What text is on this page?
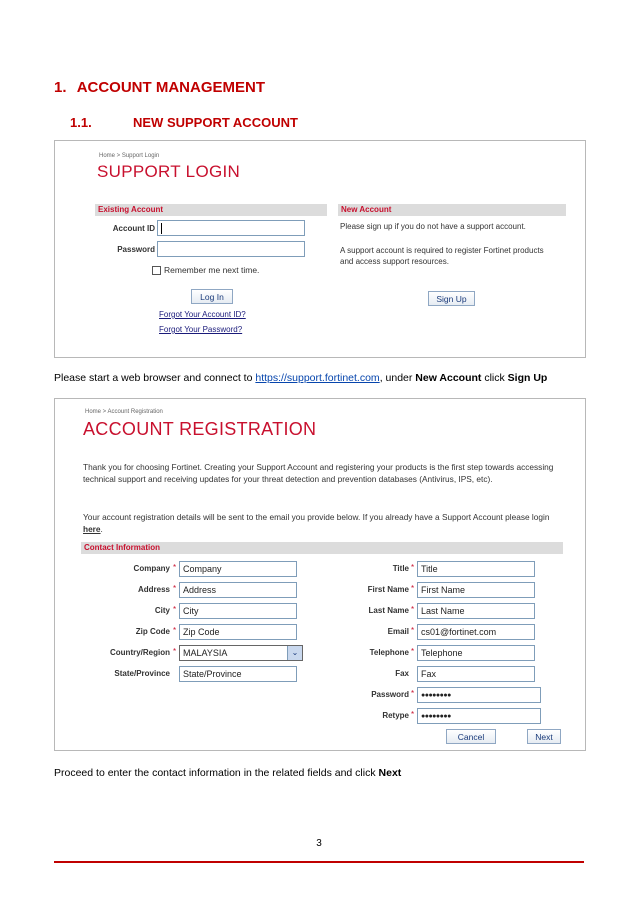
1. ACCOUNT MANAGEMENT
1.1.	NEW SUPPORT ACCOUNT
Home > Support Login
SUPPORT LOGIN
Existing Account
Account ID
Password
Remember me next time.
Log In
Forgot Your Account ID?
Forgot Your Password?
New Account
Please sign up if you do not have a support account.
A support account is required to register Fortinet products and access support resources.
Sign Up
Please start a web browser and connect to https://support.fortinet.com, under New Account click Sign Up
Home > Account Registration
ACCOUNT REGISTRATION
Thank you for choosing Fortinet. Creating your Support Account and registering your products is the first step towards accessing technical support and receiving updates for your threat detection and prevention databases (Antivirus, IPS, etc).
Your account registration details will be sent to the email you provide below. If you already have a Support Account please login here.
Contact Information
Cancel	Next
Company * Company
Address * Address
City * City
Zip Code * Zip Code
Country/Region * MALAYSIA	⌄
State/Province	State/Province
Title * Title
First Name * First Name
Last Name * Last Name
Email * cs01@fortinet.com
Telephone * Telephone
Fax	Fax
Password * ●●●●●●●●
Retype * ●●●●●●●●
Proceed to enter the contact information in the related fields and click Next
3
